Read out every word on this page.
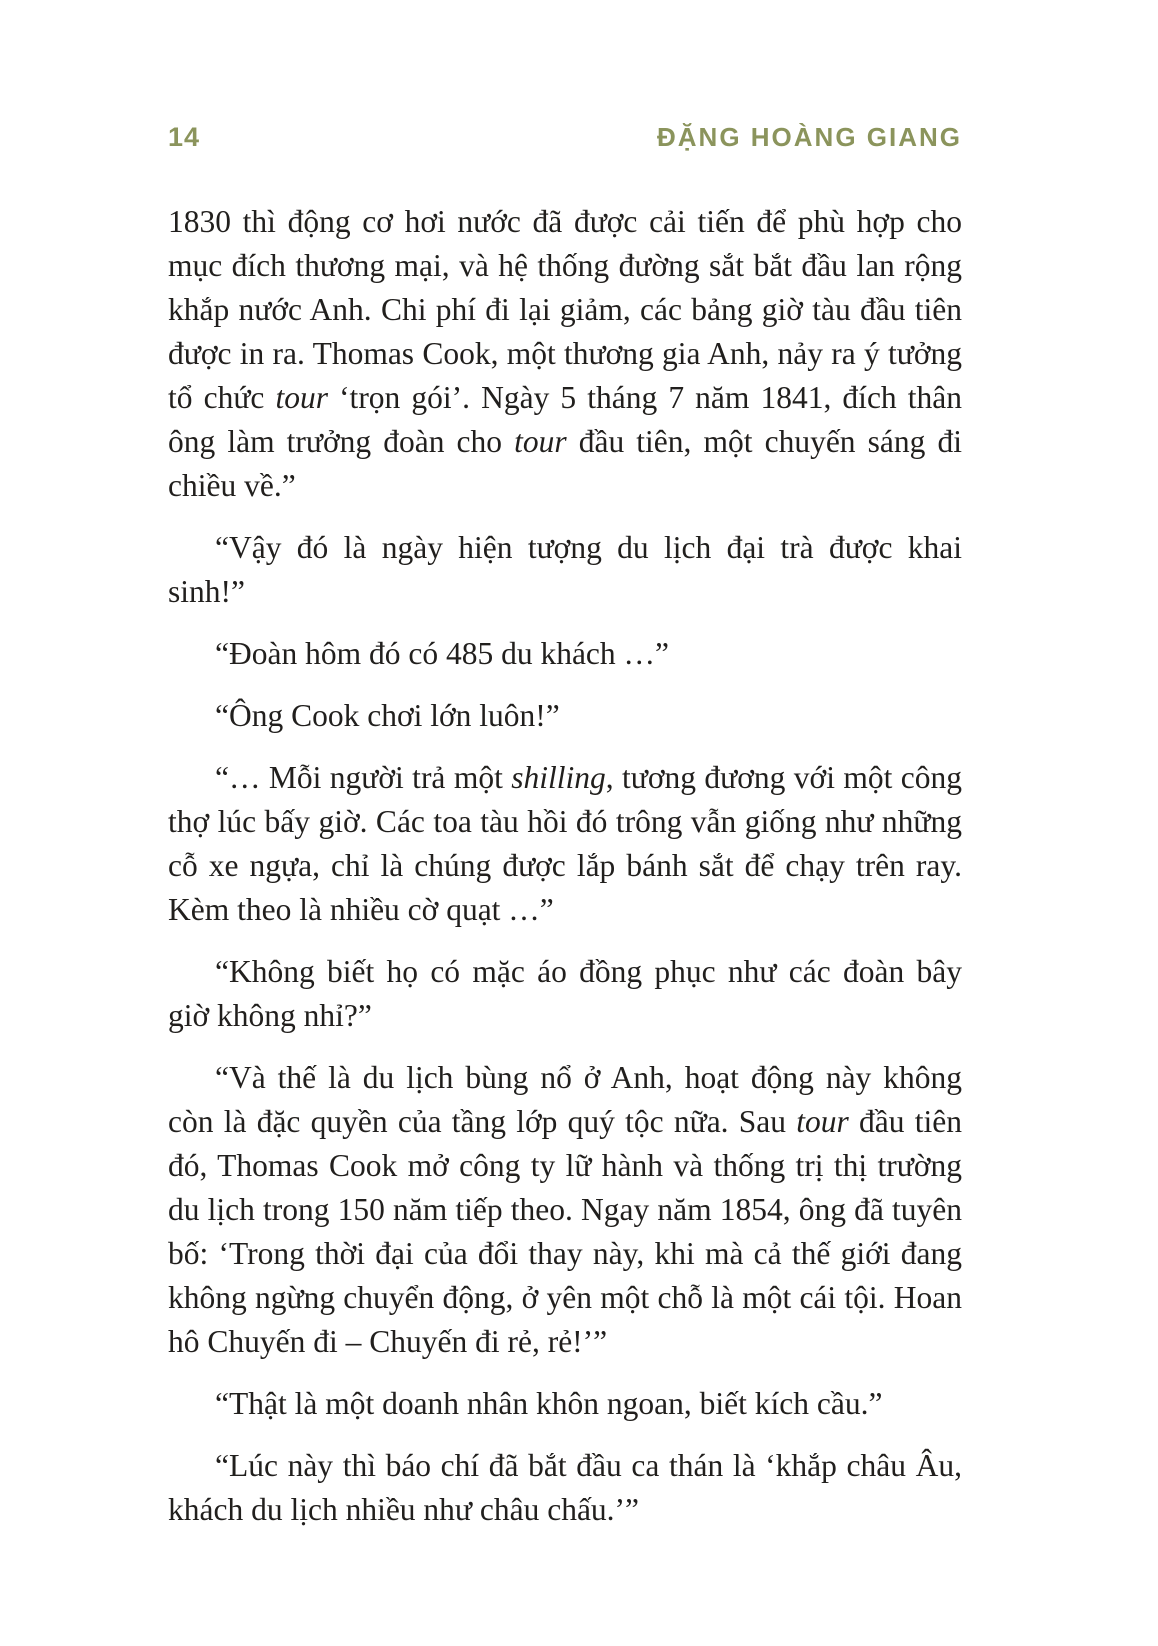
14	ĐẶNG HOÀNG GIANG

1830 thì động cơ hơi nước đã được cải tiến để phù hợp cho mục đích thương mại, và hệ thống đường sắt bắt đầu lan rộng khắp nước Anh. Chi phí đi lại giảm, các bảng giờ tàu đầu tiên được in ra. Thomas Cook, một thương gia Anh, nảy ra ý tưởng tổ chức tour ‘trọn gói’. Ngày 5 tháng 7 năm 1841, đích thân ông làm trưởng đoàn cho tour đầu tiên, một chuyến sáng đi chiều về.”

“Vậy đó là ngày hiện tượng du lịch đại trà được khai sinh!”

“Đoàn hôm đó có 485 du khách …”

“Ông Cook chơi lớn luôn!”

“… Mỗi người trả một shilling, tương đương với một công thợ lúc bấy giờ. Các toa tàu hồi đó trông vẫn giống như những cỗ xe ngựa, chỉ là chúng được lắp bánh sắt để chạy trên ray. Kèm theo là nhiều cờ quạt …”

“Không biết họ có mặc áo đồng phục như các đoàn bây giờ không nhỉ?”

“Và thế là du lịch bùng nổ ở Anh, hoạt động này không còn là đặc quyền của tầng lớp quý tộc nữa. Sau tour đầu tiên đó, Thomas Cook mở công ty lữ hành và thống trị thị trường du lịch trong 150 năm tiếp theo. Ngay năm 1854, ông đã tuyên bố: ‘Trong thời đại của đổi thay này, khi mà cả thế giới đang không ngừng chuyển động, ở yên một chỗ là một cái tội. Hoan hô Chuyến đi – Chuyến đi rẻ, rẻ!’”

“Thật là một doanh nhân khôn ngoan, biết kích cầu.”

“Lúc này thì báo chí đã bắt đầu ca thán là ‘khắp châu Âu, khách du lịch nhiều như châu chấu.’”
